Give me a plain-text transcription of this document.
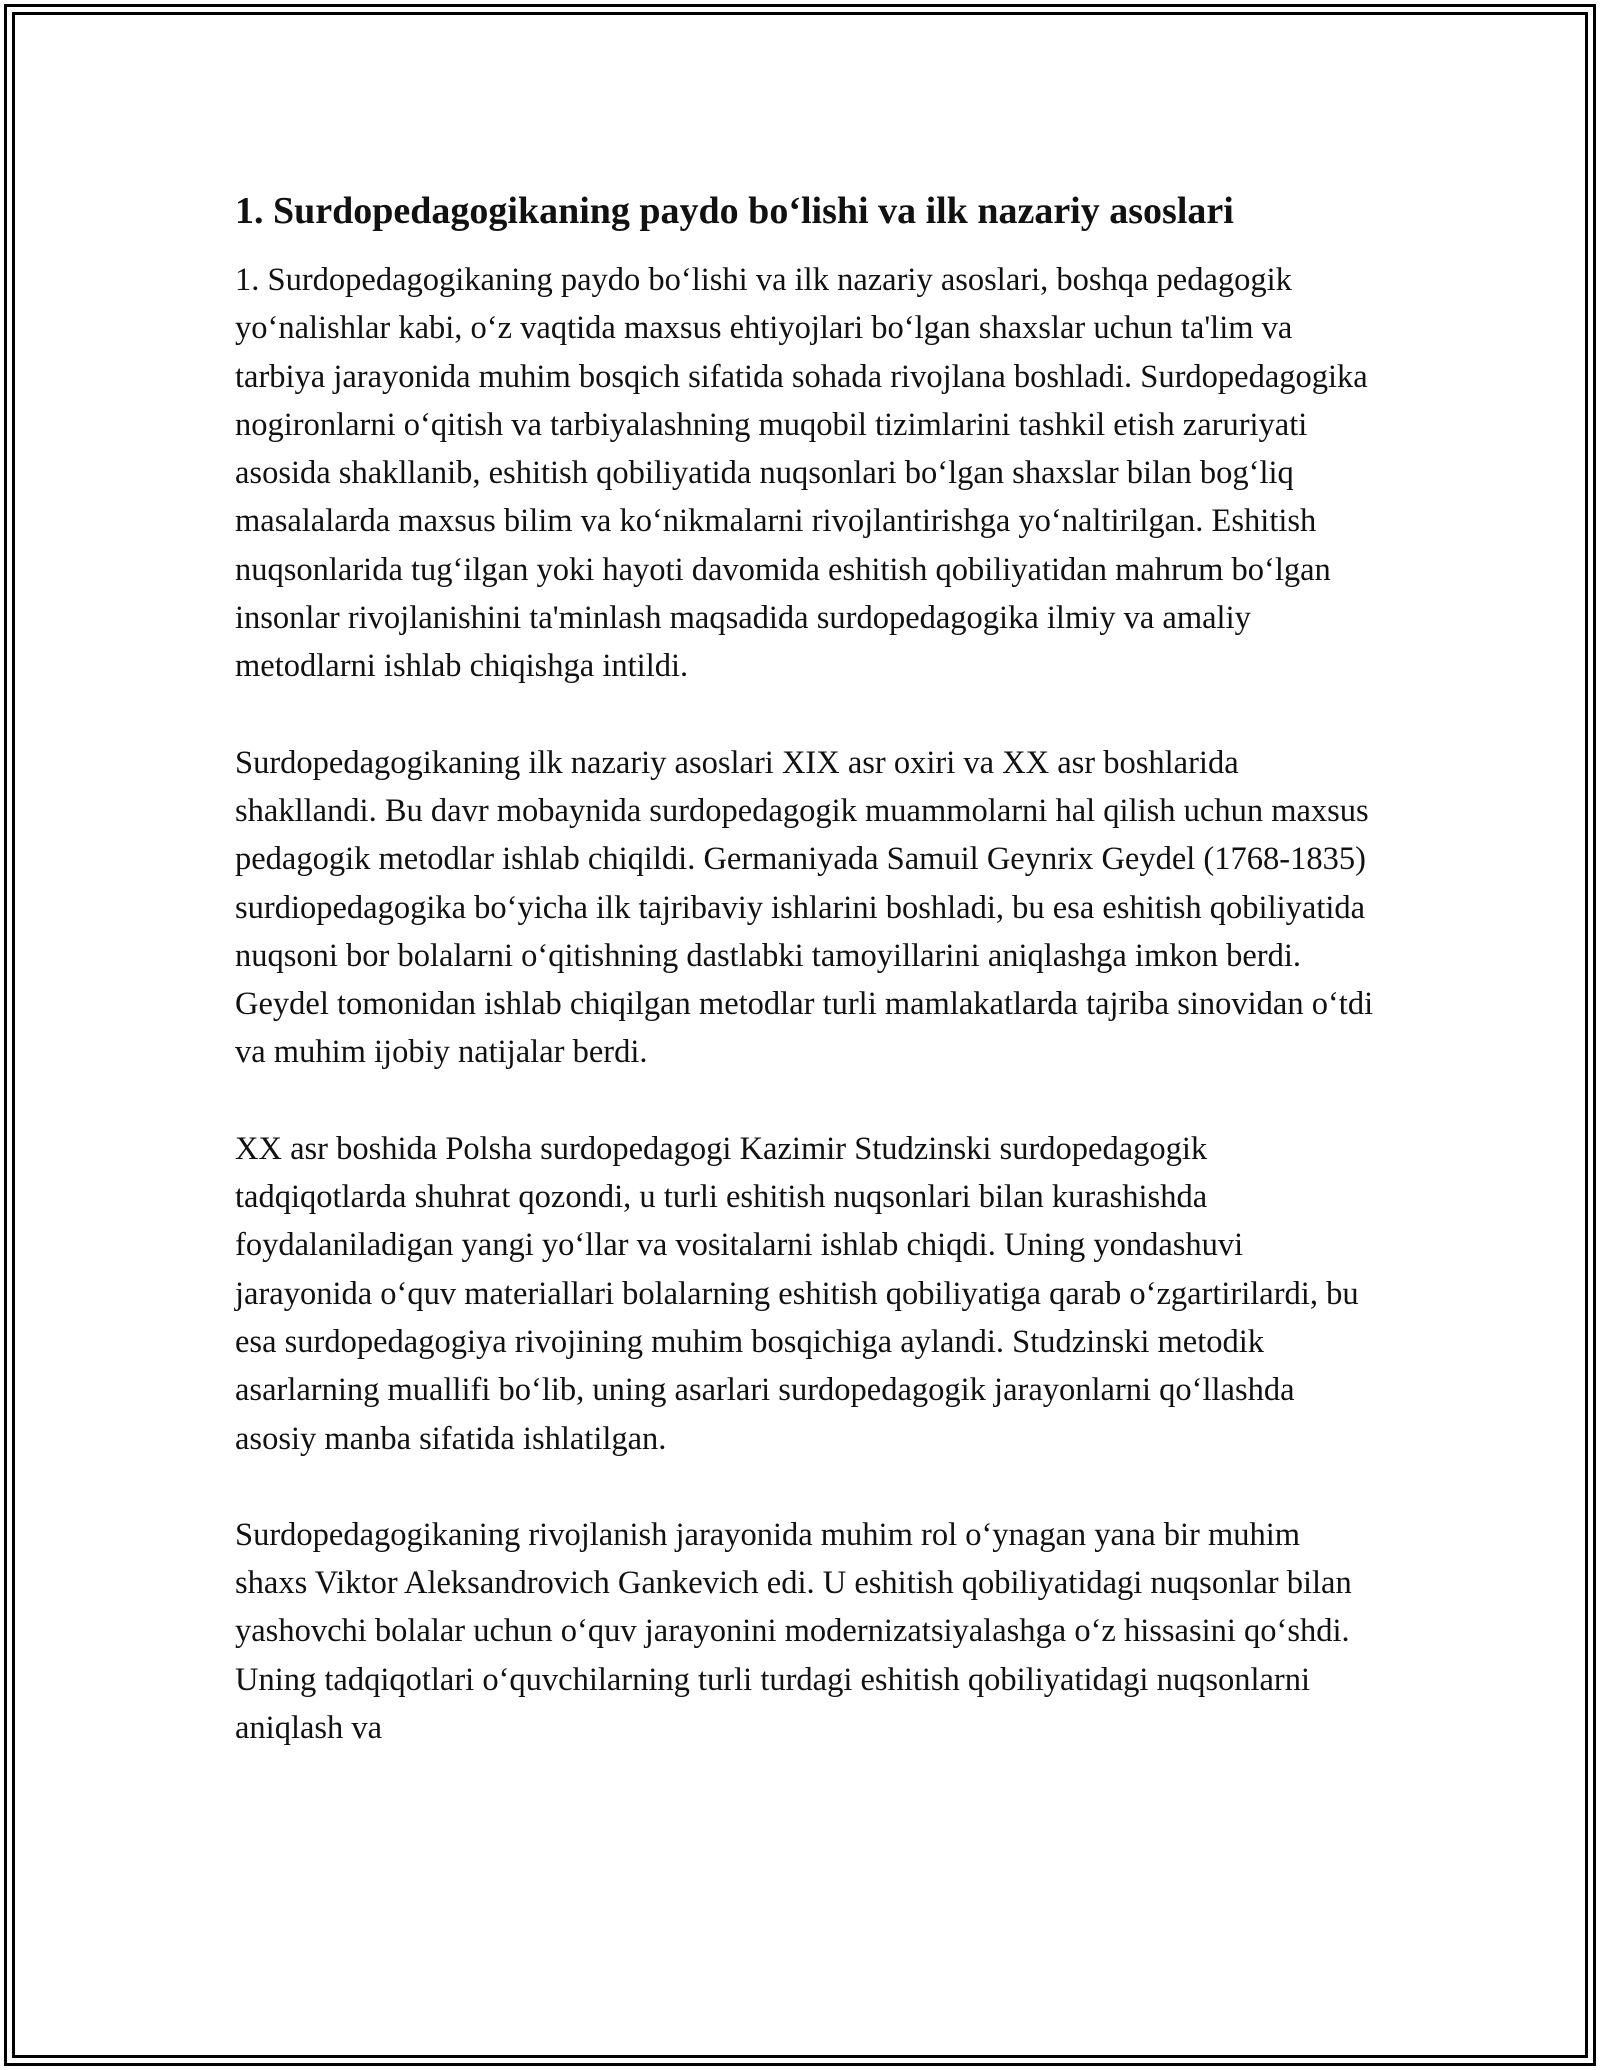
1. Surdopedagogikaning paydo bo‘lishi va ilk nazariy asoslari

1. Surdopedagogikaning paydo bo‘lishi va ilk nazariy asoslari, boshqa pedagogik yo‘nalishlar kabi, o‘z vaqtida maxsus ehtiyojlari bo‘lgan shaxslar uchun ta'lim va tarbiya jarayonida muhim bosqich sifatida sohada rivojlana boshladi. Surdopedagogika nogironlarni o‘qitish va tarbiyalashning muqobil tizimlarini tashkil etish zaruriyati asosida shakllanib, eshitish qobiliyatida nuqsonlari bo‘lgan shaxslar bilan bog‘liq masalalarda maxsus bilim va ko‘nikmalarni rivojlantirishga yo‘naltirilgan. Eshitish nuqsonlarida tug‘ilgan yoki hayoti davomida eshitish qobiliyatidan mahrum bo‘lgan insonlar rivojlanishini ta'minlash maqsadida surdopedagogika ilmiy va amaliy metodlarni ishlab chiqishga intildi.

Surdopedagogikaning ilk nazariy asoslari XIX asr oxiri va XX asr boshlarida shakllandi. Bu davr mobaynida surdopedagogik muammolarni hal qilish uchun maxsus pedagogik metodlar ishlab chiqildi. Germaniyada Samuil Geynrix Geydel (1768-1835) surdiopedagogika bo‘yicha ilk tajribaviy ishlarini boshladi, bu esa eshitish qobiliyatida nuqsoni bor bolalarni o‘qitishning dastlabki tamoyillarini aniqlashga imkon berdi. Geydel tomonidan ishlab chiqilgan metodlar turli mamlakatlarda tajriba sinovidan o‘tdi va muhim ijobiy natijalar berdi.

XX asr boshida Polsha surdopedagogi Kazimir Studzinski surdopedagogik tadqiqotlarda shuhrat qozondi, u turli eshitish nuqsonlari bilan kurashishda foydalaniladigan yangi yo‘llar va vositalarni ishlab chiqdi. Uning yondashuvi jarayonida o‘quv materiallari bolalarning eshitish qobiliyatiga qarab o‘zgartirilardi, bu esa surdopedagogiya rivojining muhim bosqichiga aylandi. Studzinski metodik asarlarning muallifi bo‘lib, uning asarlari surdopedagogik jarayonlarni qo‘llashda asosiy manba sifatida ishlatilgan.

Surdopedagogikaning rivojlanish jarayonida muhim rol o‘ynagan yana bir muhim shaxs Viktor Aleksandrovich Gankevich edi. U eshitish qobiliyatidagi nuqsonlar bilan yashovchi bolalar uchun o‘quv jarayonini modernizatsiyalashga o‘z hissasini qo‘shdi. Uning tadqiqotlari o‘quvchilarning turli turdagi eshitish qobiliyatidagi nuqsonlarni aniqlash va
